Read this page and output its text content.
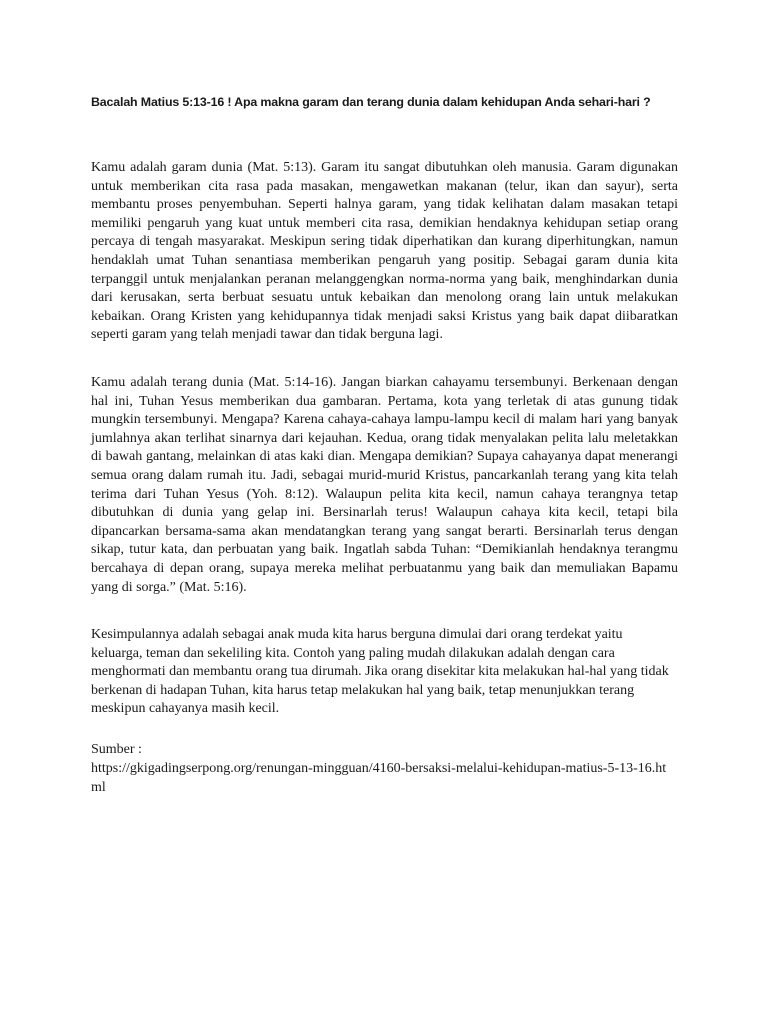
Bacalah Matius 5:13-16 ! Apa makna garam dan terang dunia dalam kehidupan Anda sehari-hari ?

Kamu adalah garam dunia (Mat. 5:13). Garam itu sangat dibutuhkan oleh manusia. Garam digunakan untuk memberikan cita rasa pada masakan, mengawetkan makanan (telur, ikan dan sayur), serta membantu proses penyembuhan. Seperti halnya garam, yang tidak kelihatan dalam masakan tetapi memiliki pengaruh yang kuat untuk memberi cita rasa, demikian hendaknya kehidupan setiap orang percaya di tengah masyarakat. Meskipun sering tidak diperhatikan dan kurang diperhitungkan, namun hendaklah umat Tuhan senantiasa memberikan pengaruh yang positip. Sebagai garam dunia kita terpanggil untuk menjalankan peranan melanggengkan norma-norma yang baik, menghindarkan dunia dari kerusakan, serta berbuat sesuatu untuk kebaikan dan menolong orang lain untuk melakukan kebaikan. Orang Kristen yang kehidupannya tidak menjadi saksi Kristus yang baik dapat diibaratkan seperti garam yang telah menjadi tawar dan tidak berguna lagi.

Kamu adalah terang dunia (Mat. 5:14-16). Jangan biarkan cahayamu tersembunyi. Berkenaan dengan hal ini, Tuhan Yesus memberikan dua gambaran. Pertama, kota yang terletak di atas gunung tidak mungkin tersembunyi. Mengapa? Karena cahaya-cahaya lampu-lampu kecil di malam hari yang banyak jumlahnya akan terlihat sinarnya dari kejauhan. Kedua, orang tidak menyalakan pelita lalu meletakkan di bawah gantang, melainkan di atas kaki dian. Mengapa demikian? Supaya cahayanya dapat menerangi semua orang dalam rumah itu. Jadi, sebagai murid-murid Kristus, pancarkanlah terang yang kita telah terima dari Tuhan Yesus (Yoh. 8:12). Walaupun pelita kita kecil, namun cahaya terangnya tetap dibutuhkan di dunia yang gelap ini. Bersinarlah terus! Walaupun cahaya kita kecil, tetapi bila dipancarkan bersama-sama akan mendatangkan terang yang sangat berarti. Bersinarlah terus dengan sikap, tutur kata, dan perbuatan yang baik. Ingatlah sabda Tuhan: “Demikianlah hendaknya terangmu bercahaya di depan orang, supaya mereka melihat perbuatanmu yang baik dan memuliakan Bapamu yang di sorga.” (Mat. 5:16).

Kesimpulannya adalah sebagai anak muda kita harus berguna dimulai dari orang terdekat yaitu keluarga, teman dan sekeliling kita. Contoh yang paling mudah dilakukan adalah dengan cara menghormati dan membantu orang tua dirumah. Jika orang disekitar kita melakukan hal-hal yang tidak berkenan di hadapan Tuhan, kita harus tetap melakukan hal yang baik, tetap menunjukkan terang meskipun cahayanya masih kecil.

Sumber :

https://gkigadingserpong.org/renungan-mingguan/4160-bersaksi-melalui-kehidupan-matius-5-13-16.html
